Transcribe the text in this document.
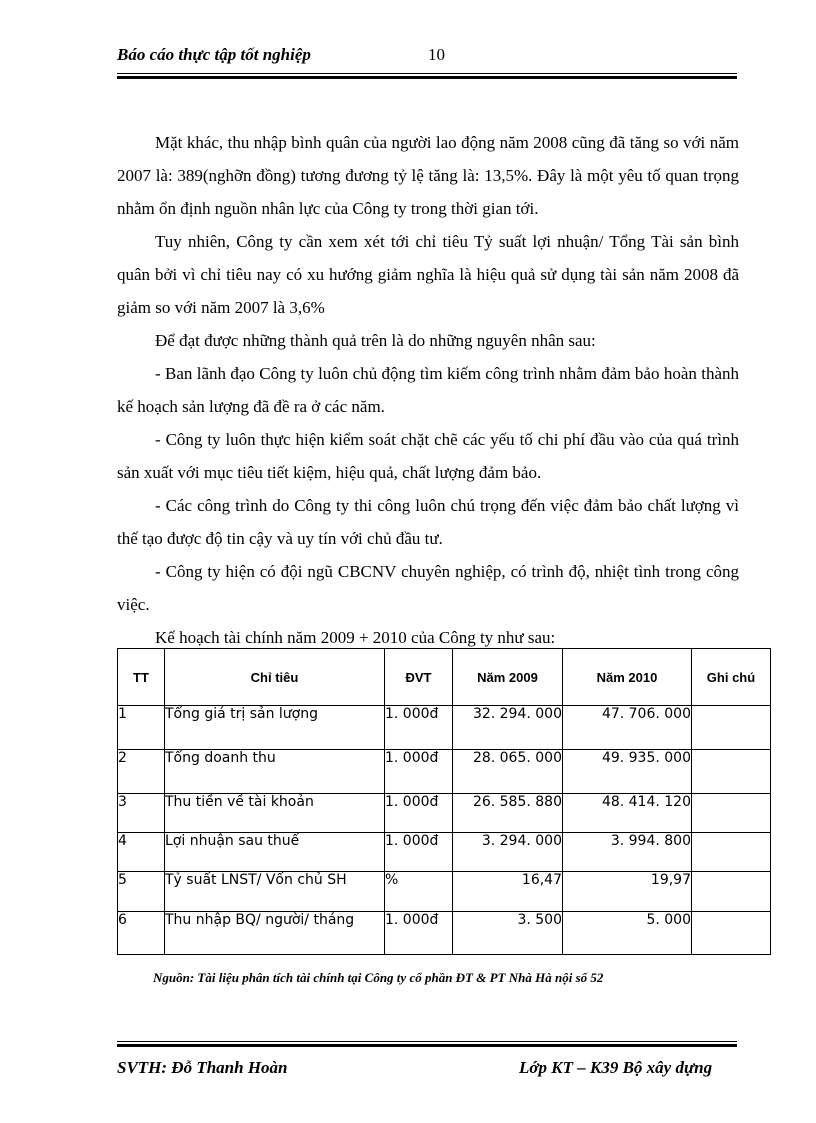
Báo cáo thực tập tốt nghiệp	10

Mặt khác, thu nhập bình quân của người lao động năm 2008 cũng đã tăng so với năm 2007 là: 389(nghỡn đồng) tương đương tỷ lệ tăng là: 13,5%. Đây là một yêu tố quan trọng nhằm ổn định nguồn nhân lực của Công ty trong thời gian tới.

Tuy nhiên, Công ty cần xem xét tới chỉ tiêu Tỷ suất lợi nhuận/ Tổng Tài sản bình quân bởi vì chỉ tiêu nay có xu hướng giảm nghĩa là hiệu quả sử dụng tài sản năm 2008 đã giảm so với năm 2007 là 3,6%

Để đạt được những thành quả trên là do những nguyên nhân sau:

- Ban lãnh đạo Công ty luôn chủ động tìm kiếm công trình nhằm đảm bảo hoàn thành kế hoạch sản lượng đã đề ra ở các năm.

- Công ty luôn thực hiện kiểm soát chặt chẽ các yếu tố chi phí đầu vào của quá trình sản xuất với mục tiêu tiết kiệm, hiệu quả, chất lượng đảm bảo.

- Các công trình do Công ty thi công luôn chú trọng đến việc đảm bảo chất lượng vì thế tạo được độ tin cậy và uy tín với chủ đầu tư.

- Công ty hiện có đội ngũ CBCNV chuyên nghiệp, có trình độ, nhiệt tình trong công việc.

Kế hoạch tài chính năm 2009 + 2010 của Công ty như sau:

TT	Chỉ tiêu	ĐVT	Năm 2009	Năm 2010	Ghi chú
1	Tổng giá trị sản lượng	1. 000đ	32. 294. 000	47. 706. 000	
2	Tổng doanh thu	1. 000đ	28. 065. 000	49. 935. 000	
3	Thu tiền về tài khoản	1. 000đ	26. 585. 880	48. 414. 120	
4	Lợi nhuận sau thuế	1. 000đ	3. 294. 000	3. 994. 800	
5	Tỷ suất LNST/ Vốn chủ SH	%	16,47	19,97	
6	Thu nhập BQ/ người/ tháng	1. 000đ	3. 500	5. 000	
Nguồn: Tài liệu phân tích tài chính tại Công ty cổ phần ĐT & PT Nhà Hà nội số 52
SVTH: Đỗ Thanh Hoàn	Lớp KT – K39 Bộ xây dựng
